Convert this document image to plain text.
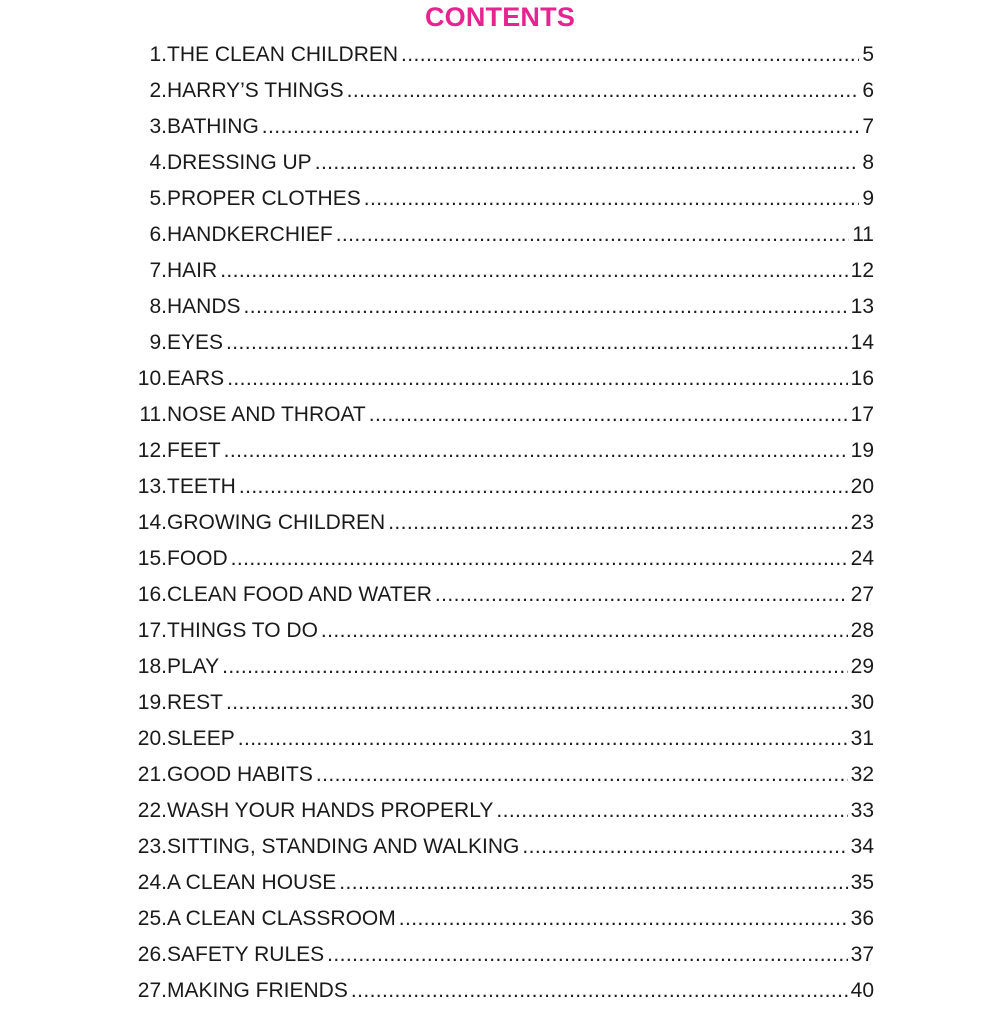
CONTENTS
1. THE CLEAN CHILDREN .....	5
2. HARRY’S THINGS .....	6
3. BATHING .....	7
4. DRESSING UP .....	8
5. PROPER CLOTHES .....	9
6. HANDKERCHIEF .....	11
7. HAIR .....	12
8. HANDS .....	13
9. EYES .....	14
10. EARS .....	16
11. NOSE AND THROAT .....	17
12. FEET .....	19
13. TEETH .....	20
14. GROWING CHILDREN .....	23
15. FOOD .....	24
16. CLEAN FOOD AND WATER .....	27
17. THINGS TO DO .....	28
18. PLAY .....	29
19. REST .....	30
20. SLEEP .....	31
21. GOOD HABITS .....	32
22. WASH YOUR HANDS PROPERLY .....	33
23. SITTING, STANDING AND WALKING .....	34
24. A CLEAN HOUSE .....	35
25. A CLEAN CLASSROOM .....	36
26. SAFETY RULES .....	37
27. MAKING FRIENDS .....	40
